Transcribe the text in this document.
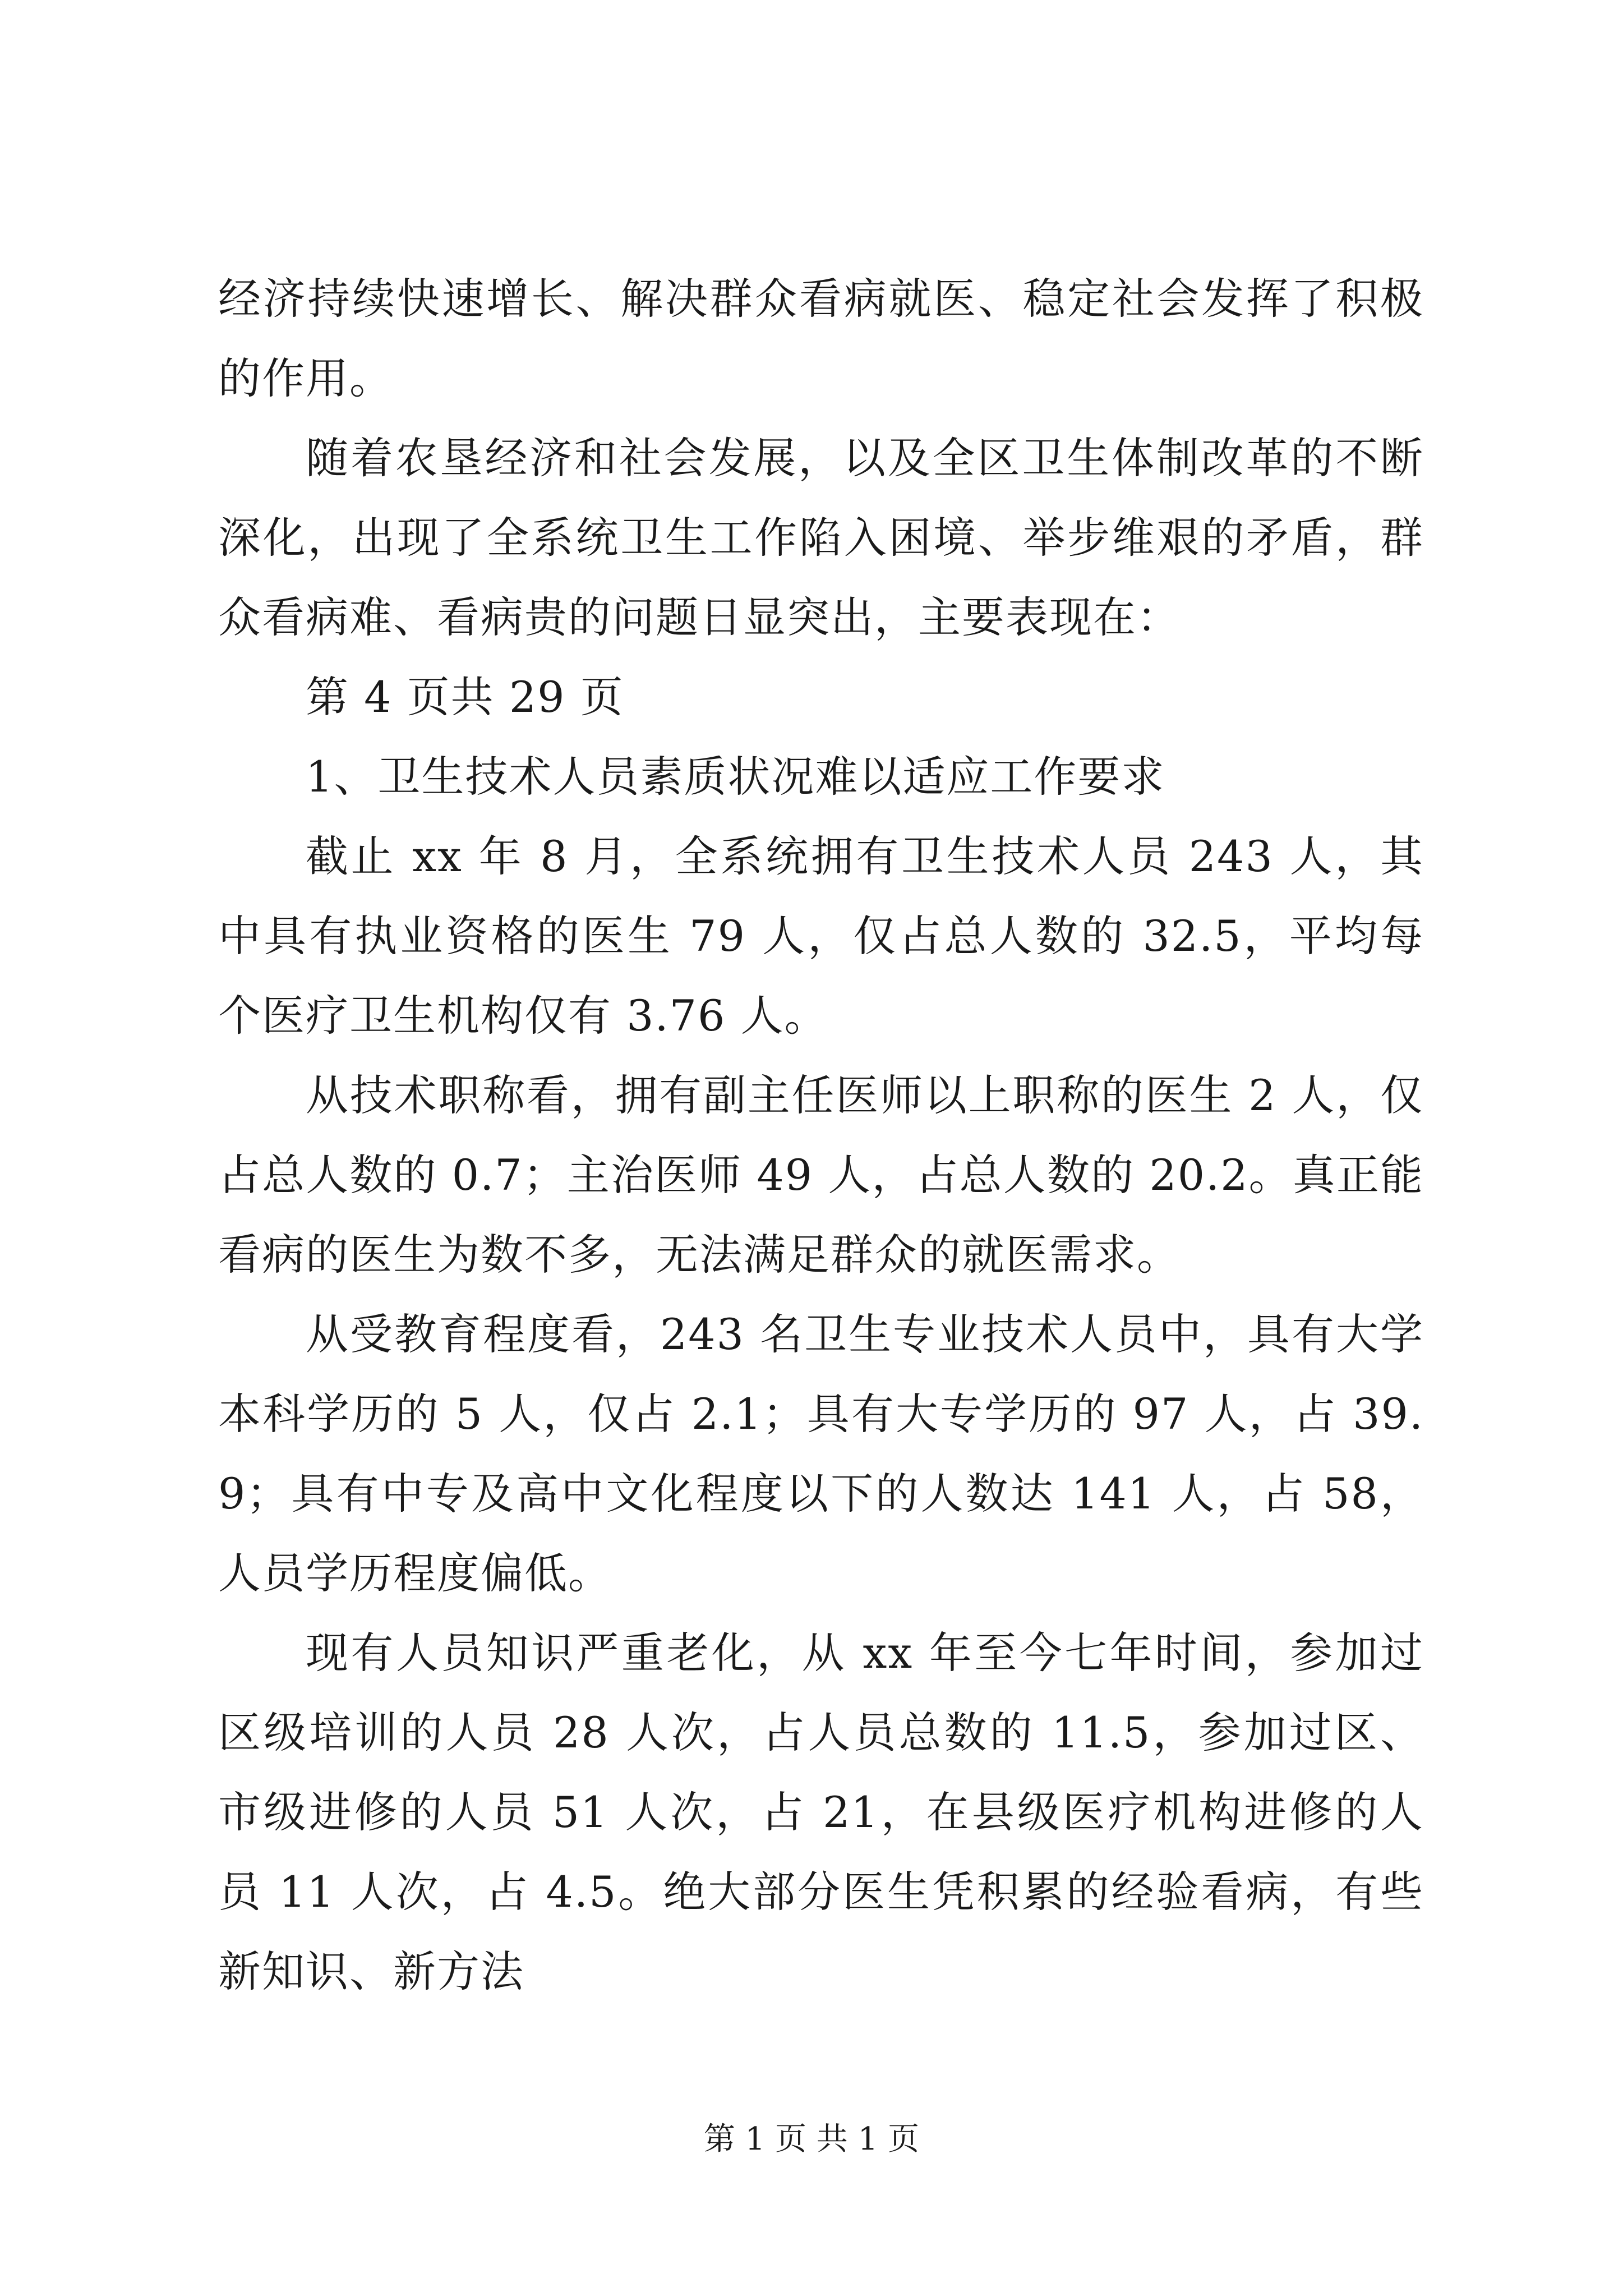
经济持续快速增长、解决群众看病就医、稳定社会发挥了积极的作用。

随着农垦经济和社会发展，以及全区卫生体制改革的不断深化，出现了全系统卫生工作陷入困境、举步维艰的矛盾，群众看病难、看病贵的问题日显突出，主要表现在：

第 4 页共 29 页

1、卫生技术人员素质状况难以适应工作要求

截止 xx 年 8 月，全系统拥有卫生技术人员 243 人，其中具有执业资格的医生 79 人，仅占总人数的 32.5，平均每个医疗卫生机构仅有 3.76 人。

从技术职称看，拥有副主任医师以上职称的医生 2 人，仅占总人数的 0.7；主治医师 49 人，占总人数的 20.2。真正能看病的医生为数不多，无法满足群众的就医需求。

从受教育程度看，243 名卫生专业技术人员中，具有大学本科学历的 5 人，仅占 2.1；具有大专学历的 97 人，占 39.9；具有中专及高中文化程度以下的人数达 141 人，占 58，人员学历程度偏低。

现有人员知识严重老化，从 xx 年至今七年时间，参加过区级培训的人员 28 人次，占人员总数的 11.5，参加过区、市级进修的人员 51 人次，占 21，在县级医疗机构进修的人员 11 人次，占 4.5。绝大部分医生凭积累的经验看病，有些新知识、新方法

第 1 页 共 1 页
